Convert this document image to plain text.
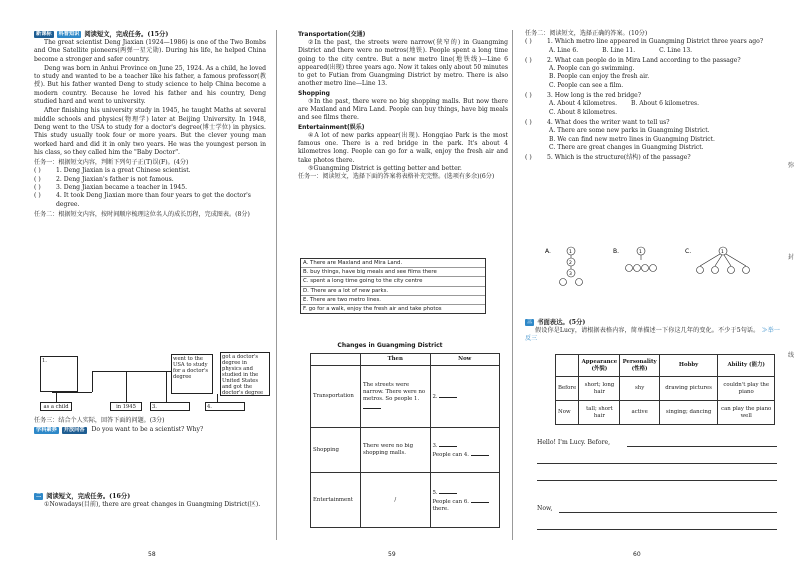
新课标	科普知识 阅读短文，完成任务。(15分)

The great scientist Deng Jiaxian (1924—1986) is one of the Two Bombs and One Satellite pioneers(两弹一星元勋). During his life, he helped China become a stronger and safer country.

Deng was born in Anhui Province on June 25, 1924. As a child, he loved to study and wanted to be a teacher like his father, a famous professor(教授). But his father wanted Deng to study science to help China become a modern country. Because he loved his father and his country, Deng studied hard and went to university.

After finishing his university study in 1945, he taught Maths at several middle schools and physics(物理学) later at Beijing University. In 1948, Deng went to the USA to study for a doctor's degree(博士学位) in physics. This study usually took four or more years. But the clever young man worked hard and did it in only two years. He was the youngest person in his class, so they called him the "Baby Doctor".

任务一：根据短文内容，判断下列句子正(T)误(F)。(4分)
( )	1. Deng Jiaxian is a great Chinese scientist.
( )	2. Deng Jiaxian's father is not famous.
( )	3. Deng Jiaxian became a teacher in 1945.
( )	4. It took Deng Jiaxian more than four years to get the doctor's degree.
任务二：根据短文内容，按时间顺序梳理这位名人的成长历程，完成图表。(8分)
1.	went to the USA to study for a doctor's degree
got a doctor's degree in physics and studied in the United States and got the doctor's degree
as a child	in 1945	3.	4.
任务三：结合个人实际，回答下面的问题。(3分)
学科素养 开放问答 Do you want to be a scientist? Why?
二 阅读短文，完成任务。(16分)

①Nowadays(目前), there are great changes in Guangming District(区).

58
Transportation(交通)

②In the past, the streets were narrow(狭窄的) in Guangming District and there were no metros(地铁). People spent a long time going to the city centre. But a new metro line(地铁线)—Line 6 appeared(出现) three years ago. Now it takes only about 50 minutes to get to Futian from Guangming District by metro. There is also another metro line—Line 13.

Shopping

③In the past, there were no big shopping malls. But now there are Maxland and Mira Land. People can buy things, have big meals and see films there.

Entertainment(娱乐)

④A lot of new parks appear(出现). Hongqiao Park is the most famous one. There is a red bridge in the park. It's about 4 kilometres long. People can go for a walk, enjoy the fresh air and take photos there.

⑤Guangming District is getting better and better.

任务一：阅读短文，选择下面的答案将表格补充完整。(选项有多余)(6分)
A. There are Maxland and Mira Land.
B. buy things, have big meals and see films there
C. spent a long time going to the city centre
D. There are a lot of new parks.
E. There are two metro lines.
F. go for a walk, enjoy the fresh air and take photos
Changes in Guangming District
	Then	Now
Transportation	The streets were narrow. There were no metros. So people 1.	2.
Shopping	There were no big shopping malls.	3.
People can 4.
Entertainment	/	5.
People can 6.
there.
59
任务二：阅读短文，选择正确的答案。(10分)
( )	1. Which metro line appeared in Guangming District three years ago?
A. Line 6.	B. Line 11.	C. Line 13.
( )	2. What can people do in Mira Land according to the passage?
A. People can go swimming.
B. People can enjoy the fresh air.
C. People can see a film.
( )	3. How long is the red bridge?
A. About 4 kilometres. B. About 6 kilometres.
C. About 8 kilometres.
( )	4. What does the writer want to tell us?
A. There are some new parks in Guangming District.
B. We can find new metro lines in Guangming District.
C. There are great changes in Guangming District.
( )	5. Which is the structure(结构) of the passage?
A.	1
2
3
B.	1	C.	1
三 书面表达。(5分)

假设你是Lucy，请根据表格内容，简单描述一下你这几年的变化。不少于5句话。 ≫举一反三

	Appearance (外貌)	Personality (性格)	Hobby	Ability (能力)
Before	short; long hair	shy	drawing pictures	couldn't play the piano
Now	tall; short hair	active	singing; dancing	can play the piano well
Hello! I'm Lucy. Before,
Now,
弥
封
线
60
